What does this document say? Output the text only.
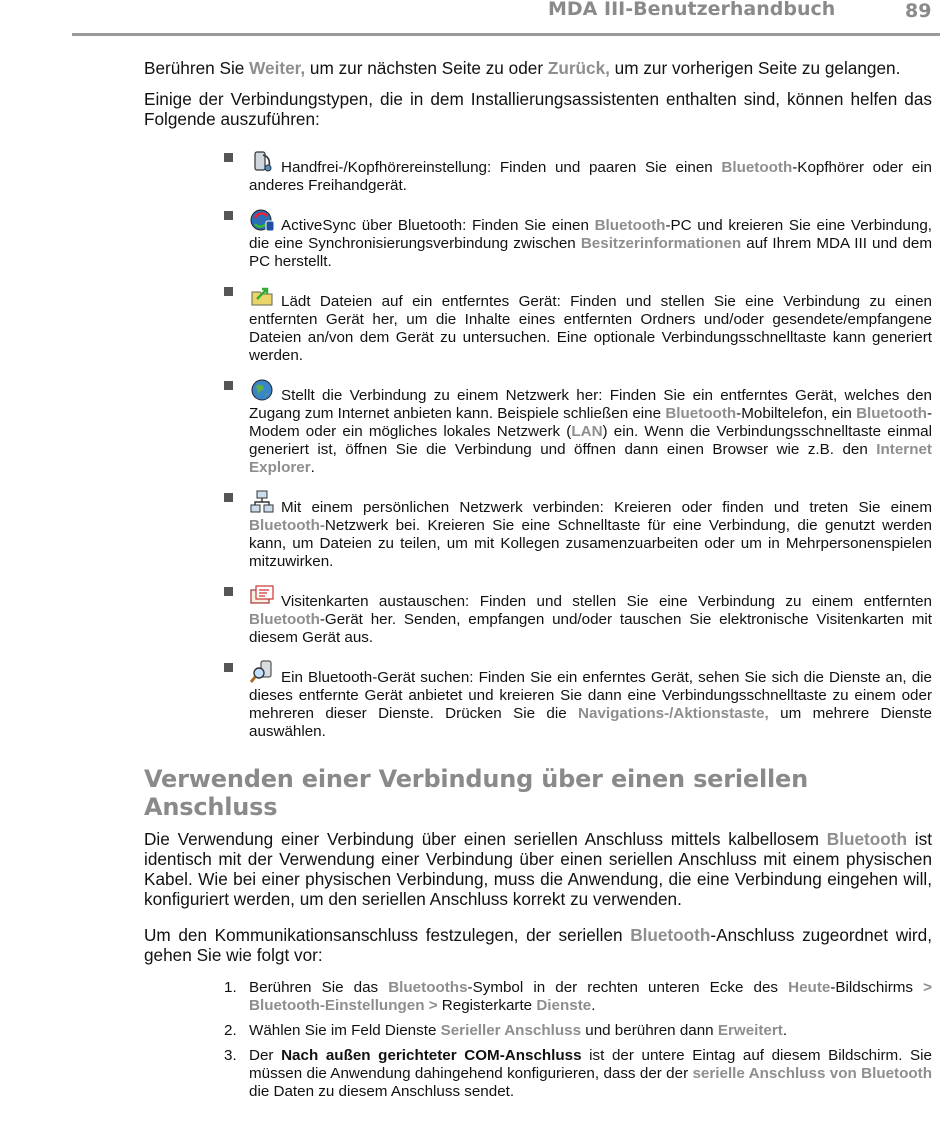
MDA III-Benutzerhandbuch	89

Berühren Sie Weiter, um zur nächsten Seite zu oder Zurück, um zur vorherigen Seite zu gelangen.

Einige der Verbindungstypen, die in dem Installierungsassistenten enthalten sind, können helfen das Folgende auszuführen:

Handfrei-/Kopfhörereinstellung: Finden und paaren Sie einen Bluetooth-Kopfhörer oder ein anderes Freihandgerät.
ActiveSync über Bluetooth: Finden Sie einen Bluetooth-PC und kreieren Sie eine Verbindung, die eine Synchronisierungsverbindung zwischen Besitzerinformationen auf Ihrem MDA III und dem PC herstellt.
Lädt Dateien auf ein entferntes Gerät: Finden und stellen Sie eine Verbindung zu einen entfernten Gerät her, um die Inhalte eines entfernten Ordners und/oder gesendete/empfangene Dateien an/von dem Gerät zu untersuchen. Eine optionale Verbindungsschnelltaste kann generiert werden.
Stellt die Verbindung zu einem Netzwerk her: Finden Sie ein entferntes Gerät, welches den Zugang zum Internet anbieten kann. Beispiele schließen eine Bluetooth-Mobiltelefon, ein Bluetooth-Modem oder ein mögliches lokales Netzwerk (LAN) ein. Wenn die Verbindungsschnelltaste einmal generiert ist, öffnen Sie die Verbindung und öffnen dann einen Browser wie z.B. den Internet Explorer.
Mit einem persönlichen Netzwerk verbinden: Kreieren oder finden und treten Sie einem Bluetooth-Netzwerk bei. Kreieren Sie eine Schnelltaste für eine Verbindung, die genutzt werden kann, um Dateien zu teilen, um mit Kollegen zusamenzuarbeiten oder um in Mehrpersonenspielen mitzuwirken.
Visitenkarten austauschen: Finden und stellen Sie eine Verbindung zu einem entfernten Bluetooth-Gerät her. Senden, empfangen und/oder tauschen Sie elektronische Visitenkarten mit diesem Gerät aus.
Ein Bluetooth-Gerät suchen: Finden Sie ein enferntes Gerät, sehen Sie sich die Dienste an, die dieses entfernte Gerät anbietet und kreieren Sie dann eine Verbindungsschnelltaste zu einem oder mehreren dieser Dienste. Drücken Sie die Navigations-/Aktionstaste, um mehrere Dienste auswählen.
Verwenden einer Verbindung über einen seriellen Anschluss

Die Verwendung einer Verbindung über einen seriellen Anschluss mittels kalbellosem Bluetooth ist identisch mit der Verwendung einer Verbindung über einen seriellen Anschluss mit einem physischen Kabel. Wie bei einer physischen Verbindung, muss die Anwendung, die eine Verbindung eingehen will, konfiguriert werden, um den seriellen Anschluss korrekt zu verwenden.

Um den Kommunikationsanschluss festzulegen, der seriellen Bluetooth-Anschluss zugeordnet wird, gehen Sie wie folgt vor:

1. Berühren Sie das Bluetooths-Symbol in der rechten unteren Ecke des Heute-Bildschirms > Bluetooth-Einstellungen > Registerkarte Dienste.
2. Wählen Sie im Feld Dienste Serieller Anschluss und berühren dann Erweitert.
3. Der Nach außen gerichteter COM-Anschluss ist der untere Eintag auf diesem Bildschirm. Sie müssen die Anwendung dahingehend konfigurieren, dass der der serielle Anschluss von Bluetooth die Daten zu diesem Anschluss sendet.
